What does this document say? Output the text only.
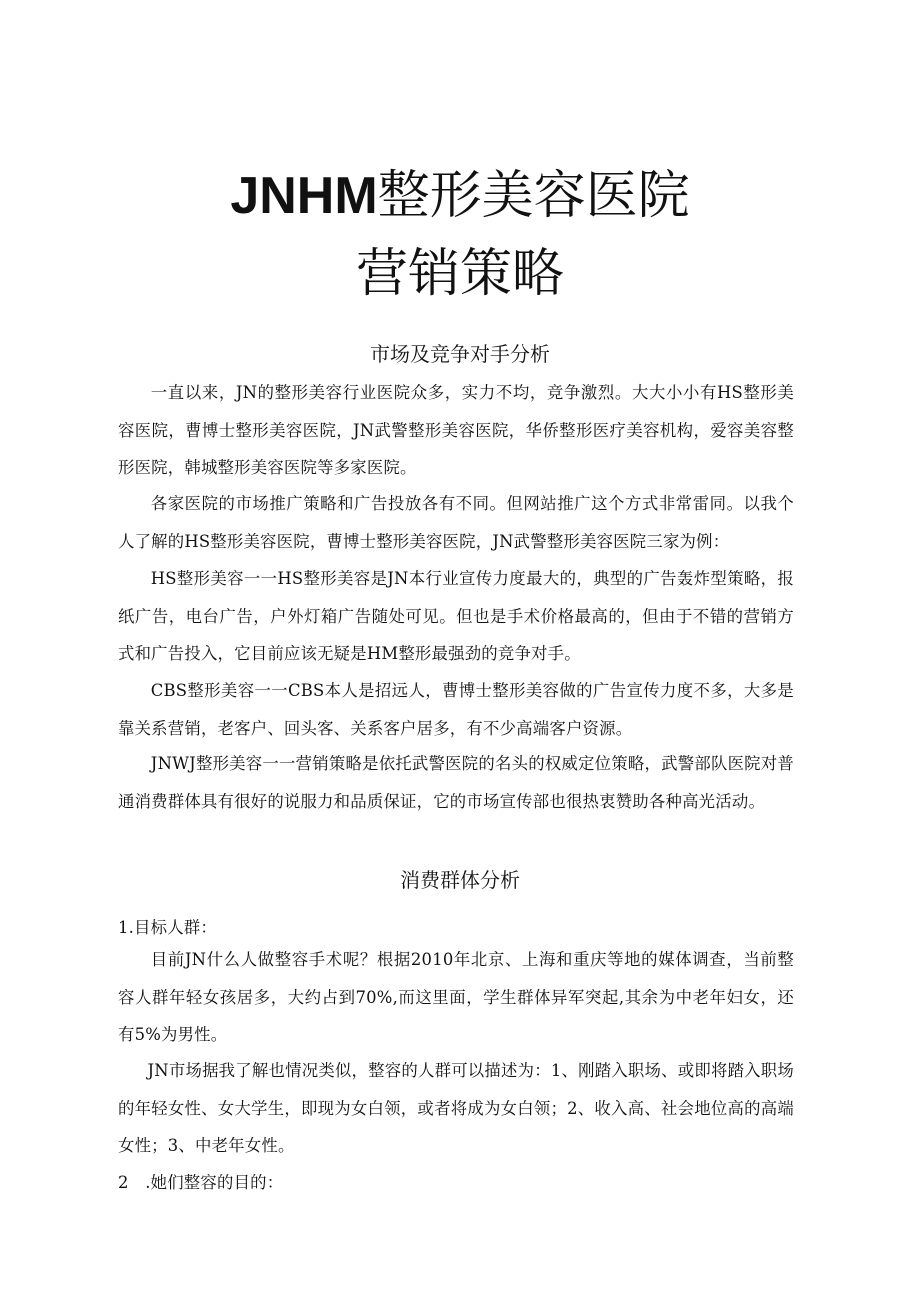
JNHM整形美容医院
营销策略
市场及竞争对手分析

一直以来，JN的整形美容行业医院众多，实力不均，竞争激烈。大大小小有HS整形美容医院，曹博士整形美容医院，JN武警整形美容医院，华侨整形医疗美容机构，爱容美容整形医院，韩城整形美容医院等多家医院。

各家医院的市场推广策略和广告投放各有不同。但网站推广这个方式非常雷同。以我个人了解的HS整形美容医院，曹博士整形美容医院，JN武警整形美容医院三家为例：

HS整形美容一一HS整形美容是JN本行业宣传力度最大的，典型的广告轰炸型策略，报纸广告，电台广告，户外灯箱广告随处可见。但也是手术价格最高的，但由于不错的营销方式和广告投入，它目前应该无疑是HM整形最强劲的竞争对手。

CBS整形美容一一CBS本人是招远人，曹博士整形美容做的广告宣传力度不多，大多是靠关系营销，老客户、回头客、关系客户居多，有不少高端客户资源。

JNWJ整形美容一一营销策略是依托武警医院的名头的权威定位策略，武警部队医院对普通消费群体具有很好的说服力和品质保证，它的市场宣传部也很热衷赞助各种高光活动。

消费群体分析

1.目标人群：

目前JN什么人做整容手术呢？根据2010年北京、上海和重庆等地的媒体调查，当前整容人群年轻女孩居多，大约占到70%,而这里面，学生群体异军突起,其余为中老年妇女，还有5%为男性。

JN市场据我了解也情况类似，整容的人群可以描述为：1、刚踏入职场、或即将踏入职场的年轻女性、女大学生，即现为女白领，或者将成为女白领；2、收入高、社会地位高的高端女性；3、中老年女性。

2　.她们整容的目的：
